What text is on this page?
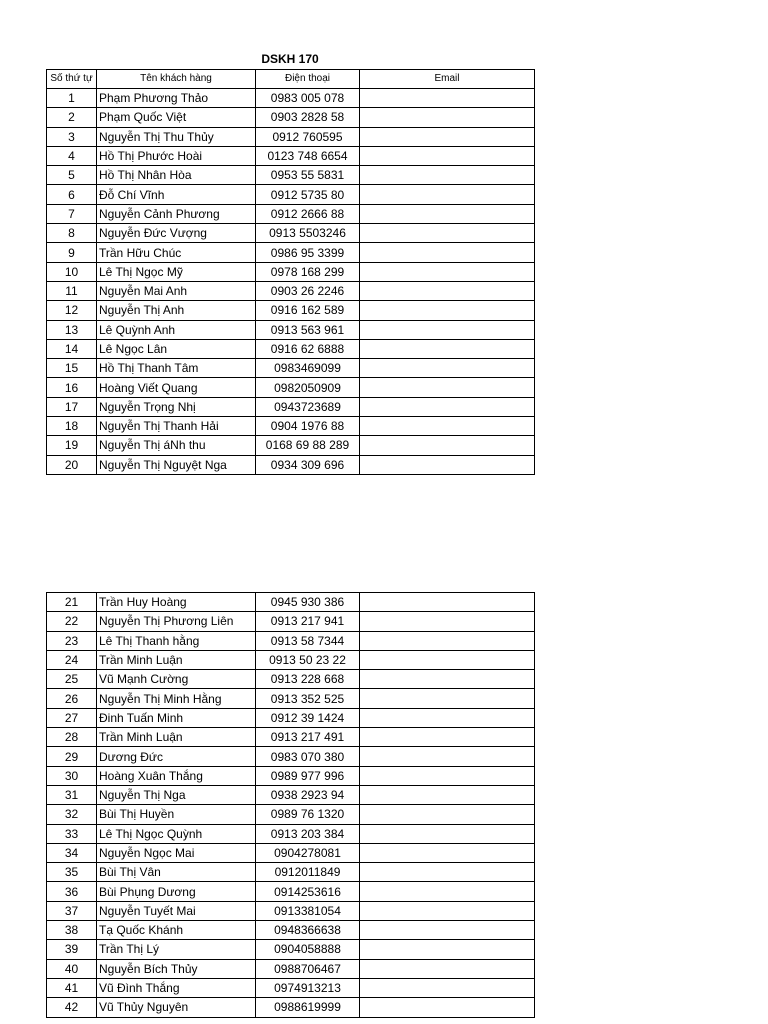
DSKH 170
Số thứ tự	Tên khách hàng	Điện thoại	Email
1	Phạm Phương Thảo	0983 005 078	
2	Phạm Quốc Việt	0903 2828 58	
3	Nguyễn Thị Thu Thủy	0912 760595	
4	Hồ Thị Phước Hoài	0123 748 6654	
5	Hồ Thị Nhân Hòa	0953 55 5831	
6	Đỗ Chí Vĩnh	0912 5735 80	
7	Nguyễn Cảnh Phương	0912 2666 88	
8	Nguyễn Đức Vượng	0913 5503246	
9	Trần Hữu Chúc	0986 95 3399	
10	Lê Thị Ngọc Mỹ	0978 168 299	
11	Nguyễn Mai Anh	0903 26 2246	
12	Nguyễn Thị Anh	0916 162 589	
13	Lê Quỳnh Anh	0913 563 961	
14	Lê Ngọc Lân	0916 62 6888	
15	Hồ Thị Thanh Tâm	0983469099	
16	Hoàng Viết Quang	0982050909	
17	Nguyễn Trọng Nhị	0943723689	
18	Nguyễn Thị Thanh Hải	0904 1976 88	
19	Nguyễn Thị áNh thu	0168 69 88 289	
20	Nguyễn Thị Nguyệt Nga	0934 309 696	
21	Trần Huy Hoàng	0945 930 386	
22	Nguyễn Thị Phương Liên	0913 217 941	
23	Lê Thị Thanh hằng	0913 58 7344	
24	Trần Minh Luận	0913 50 23 22	
25	Vũ Mạnh Cường	0913 228 668	
26	Nguyễn Thị Minh Hằng	0913 352 525	
27	Đinh Tuấn Minh	0912 39 1424	
28	Trần Minh Luận	0913 217 491	
29	Dương Đức	0983 070 380	
30	Hoàng Xuân Thắng	0989 977 996	
31	Nguyễn Thị Nga	0938 2923 94	
32	Bùi Thị Huyền	0989 76 1320	
33	Lê Thị Ngọc Quỳnh	0913 203 384	
34	Nguyễn Ngọc Mai	0904278081	
35	Bùi Thị Vân	0912011849	
36	Bùi Phụng Dương	0914253616	
37	Nguyễn Tuyết Mai	0913381054	
38	Tạ Quốc Khánh	0948366638	
39	Trần Thị Lý	0904058888	
40	Nguyễn Bích Thủy	0988706467	
41	Vũ Đình Thắng	0974913213	
42	Vũ Thủy Nguyên	0988619999	
